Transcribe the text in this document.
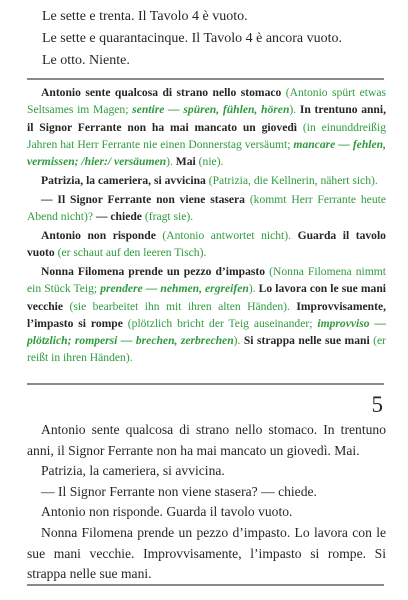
Le sette e trenta. Il Tavolo 4 è vuoto.

Le sette e quarantacinque. Il Tavolo 4 è ancora vuoto.

Le otto. Niente.

Antonio sente qualcosa di strano nello stomaco (Antonio spürt etwas Seltsames im Magen; sentire — spüren, fühlen, hören). In trentuno anni, il Signor Ferrante non ha mai mancato un giovedì (in einunddreißig Jahren hat Herr Ferrante nie einen Donnerstag versäumt; mancare — fehlen, vermissen; /hier:/ versäumen). Mai (nie).

Patrizia, la cameriera, si avvicina (Patrizia, die Kellnerin, nähert sich).

— Il Signor Ferrante non viene stasera (kommt Herr Ferrante heute Abend nicht)? — chiede (fragt sie).

Antonio non risponde (Antonio antwortet nicht). Guarda il tavolo vuoto (er schaut auf den leeren Tisch).

Nonna Filomena prende un pezzo d’impasto (Nonna Filomena nimmt ein Stück Teig; prendere — nehmen, ergreifen). Lo lavora con le sue mani vecchie (sie bearbeitet ihn mit ihren alten Händen). Improvvisamente, l’impasto si rompe (plötzlich bricht der Teig auseinander; improvviso — plötzlich; rompersi — brechen, zerbrechen). Si strappa nelle sue mani (er reißt in ihren Händen).

5

Antonio sente qualcosa di strano nello stomaco. In trentuno anni, il Signor Ferrante non ha mai mancato un giovedì. Mai.

Patrizia, la cameriera, si avvicina.

— Il Signor Ferrante non viene stasera? — chiede.

Antonio non risponde. Guarda il tavolo vuoto.

Nonna Filomena prende un pezzo d’impasto. Lo lavora con le sue mani vecchie. Improvvisamente, l’impasto si rompe. Si strappa nelle sue mani.
